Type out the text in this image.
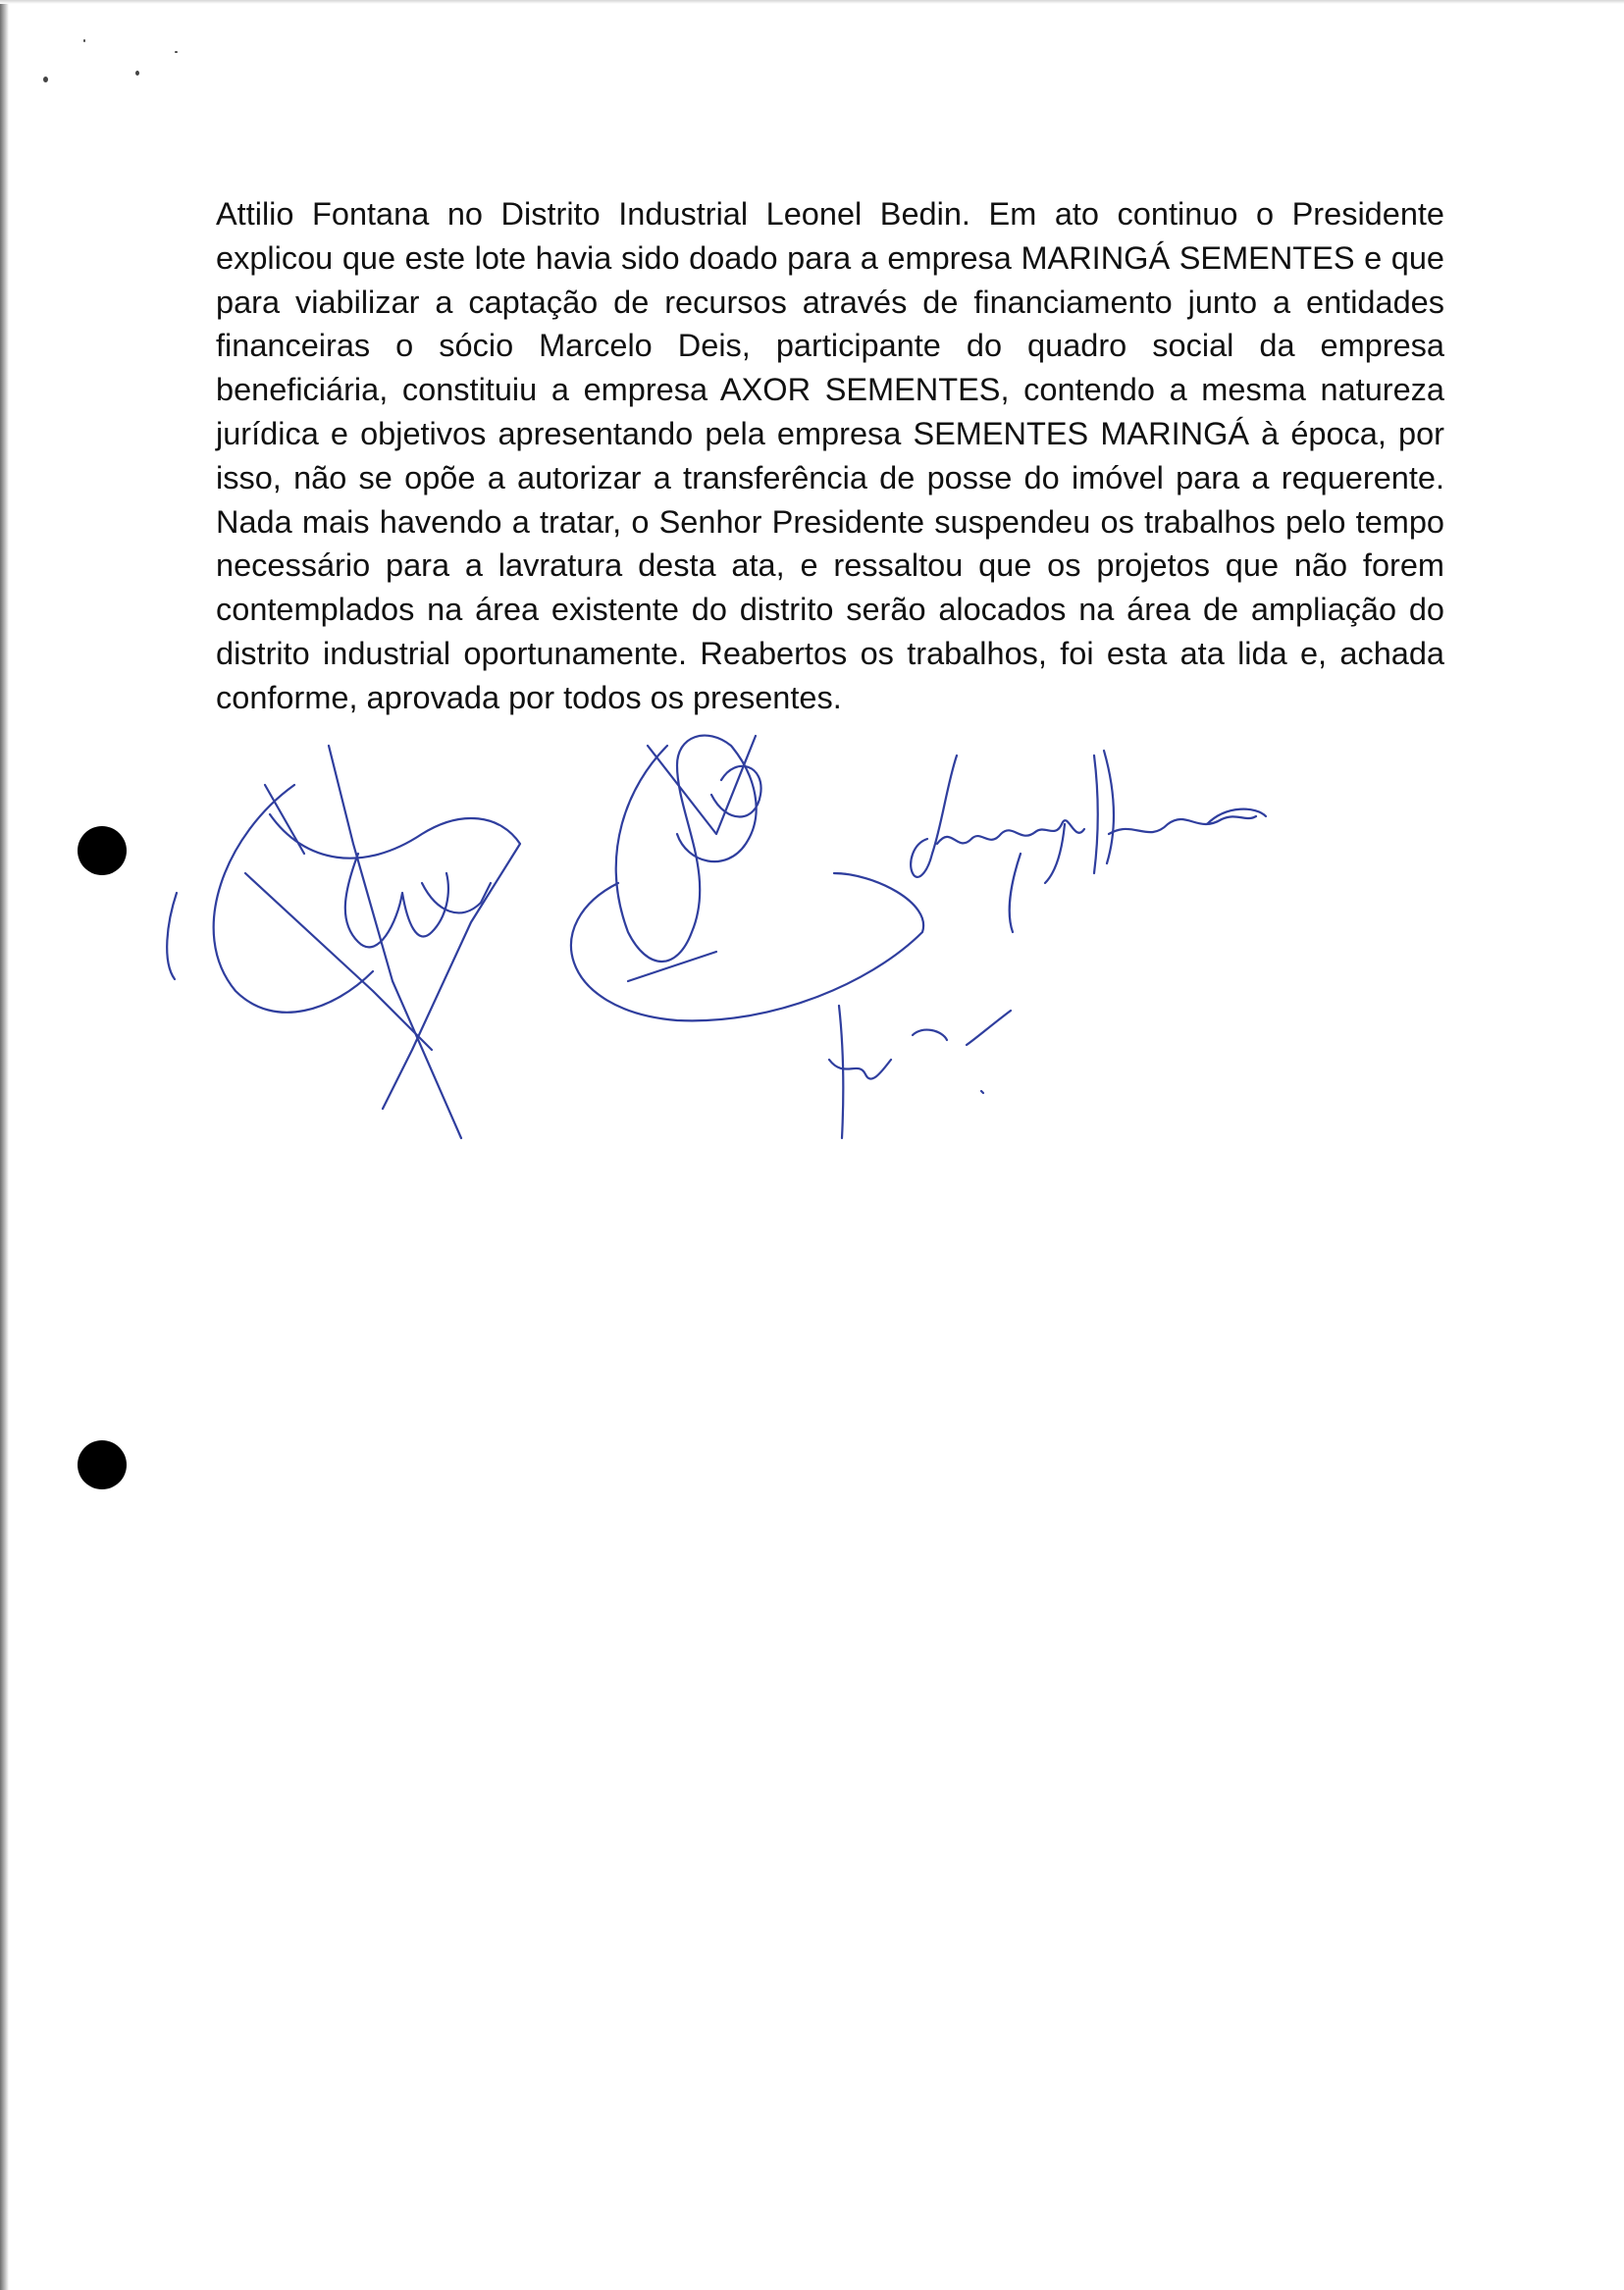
Attilio Fontana no Distrito Industrial Leonel Bedin. Em ato continuo o Presidente explicou que este lote havia sido doado para a empresa MARINGÁ SEMENTES e que para viabilizar a captação de recursos através de financiamento junto a entidades financeiras o sócio Marcelo Deis, participante do quadro social da empresa beneficiária, constituiu a empresa AXOR SEMENTES, contendo a mesma natureza jurídica e objetivos apresentando pela empresa SEMENTES MARINGÁ à época, por isso, não se opõe a autorizar a transferência de posse do imóvel para a requerente. Nada mais havendo a tratar, o Senhor Presidente suspendeu os trabalhos pelo tempo necessário para a lavratura desta ata, e ressaltou que os projetos que não forem contemplados na área existente do distrito serão alocados na área de ampliação do distrito industrial oportunamente. Reabertos os trabalhos, foi esta ata lida e, achada conforme, aprovada por todos os presentes.
